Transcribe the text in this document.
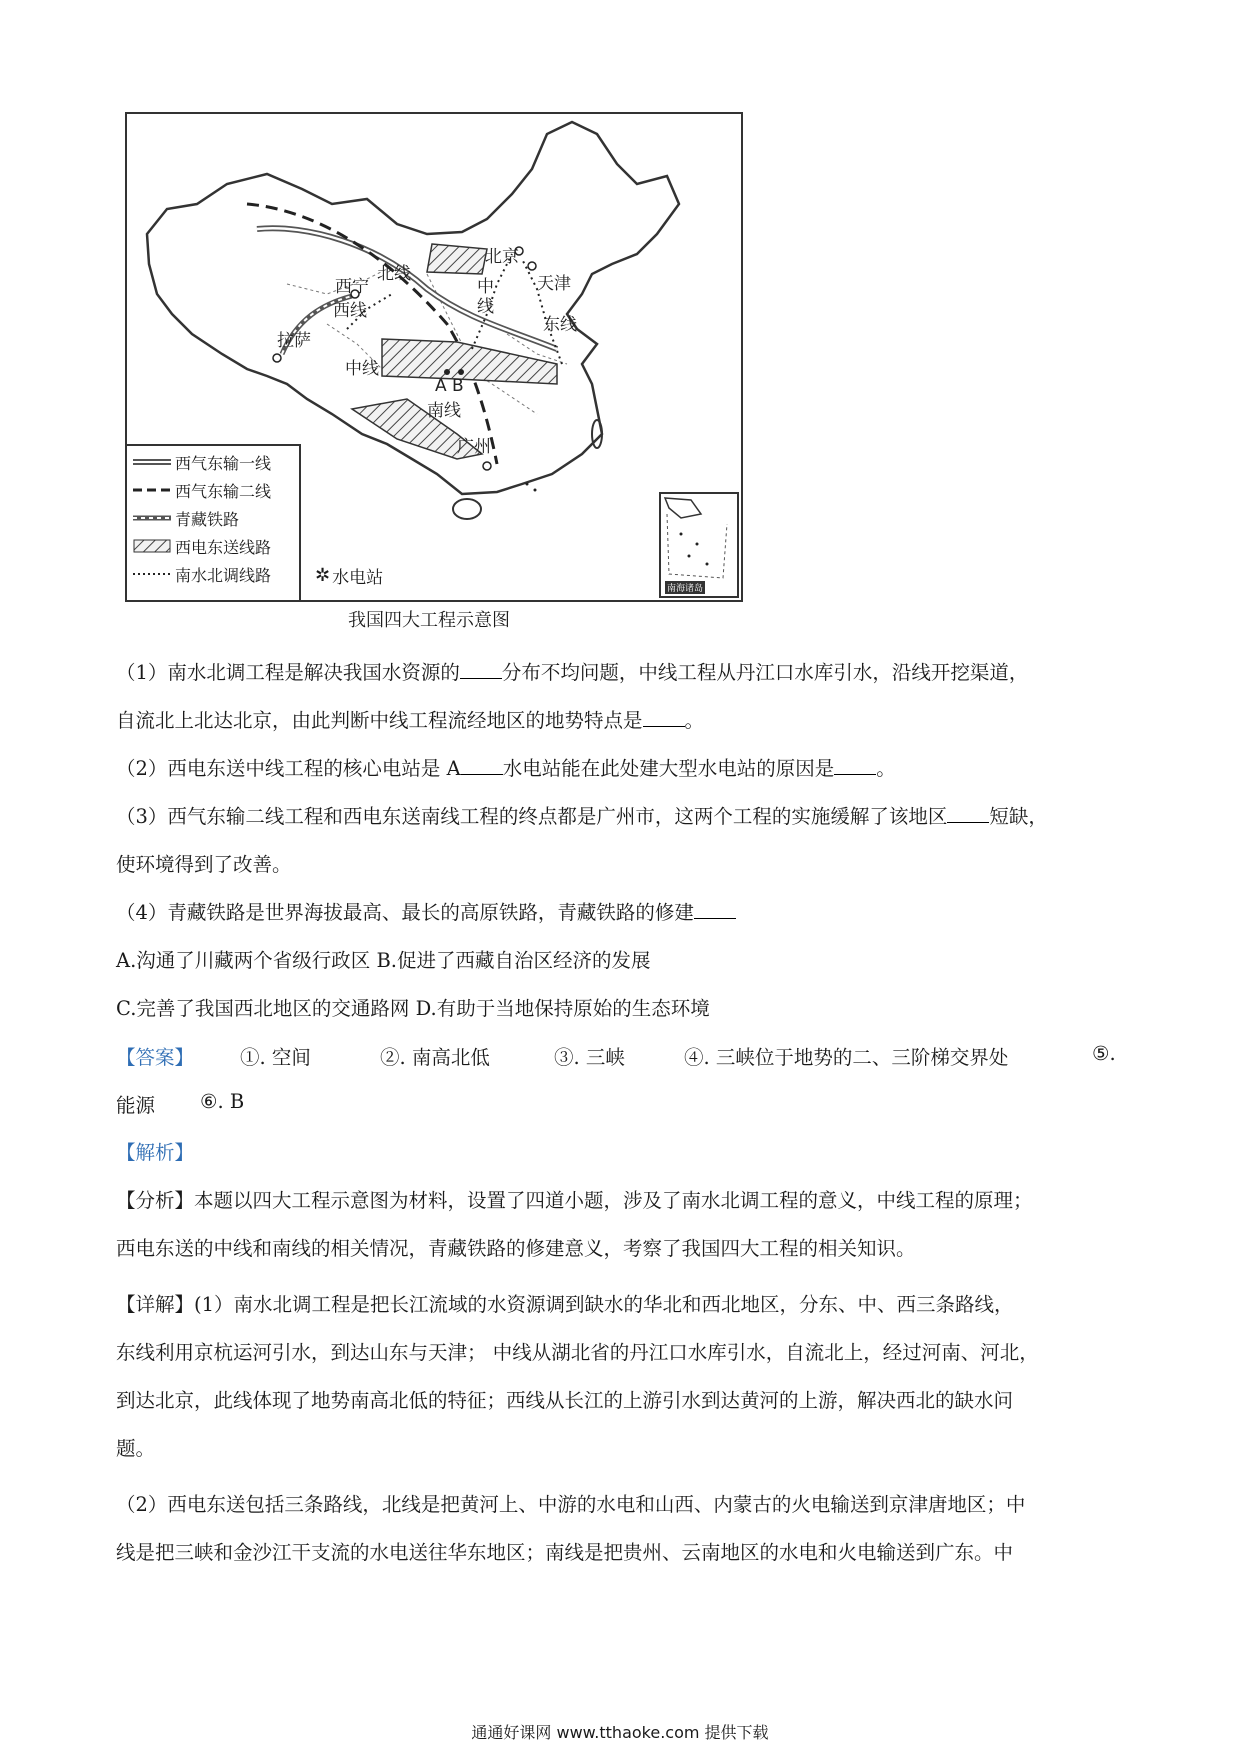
北京
天津
北线
西宁
西线
中
线
东线
拉萨
中线
A B
南线
广州
西气东输一线
西气东输二线
青藏铁路
西电东送线路
南水北调线路 ✲ 水电站
南海诸岛
我国四大工程示意图
（1）南水北调工程是解决我国水资源的 分布不均问题，中线工程从丹江口水库引水，沿线开挖渠道，
自流北上北达北京，由此判断中线工程流经地区的地势特点是 。
（2）西电东送中线工程的核心电站是 A 水电站能在此处建大型水电站的原因是 。
（3）西气东输二线工程和西电东送南线工程的终点都是广州市，这两个工程的实施缓解了该地区 短缺，
使环境得到了改善。
（4）青藏铁路是世界海拔最高、最长的高原铁路，青藏铁路的修建
A.沟通了川藏两个省级行政区 B.促进了西藏自治区经济的发展
C.完善了我国西北地区的交通路网 D.有助于当地保持原始的生态环境
【答案】 ①. 空间	②. 南高北低	③. 三峡	④. 三峡位于地势的二、三阶梯交界处	⑤.
能源 ⑥. B
【解析】
【分析】本题以四大工程示意图为材料，设置了四道小题，涉及了南水北调工程的意义，中线工程的原理；
西电东送的中线和南线的相关情况，青藏铁路的修建意义，考察了我国四大工程的相关知识。
【详解】(1）南水北调工程是把长江流域的水资源调到缺水的华北和西北地区，分东、中、西三条路线，
东线利用京杭运河引水，到达山东与天津； 中线从湖北省的丹江口水库引水，自流北上，经过河南、河北，
到达北京，此线体现了地势南高北低的特征；西线从长江的上游引水到达黄河的上游，解决西北的缺水问
题。
（2）西电东送包括三条路线，北线是把黄河上、中游的水电和山西、内蒙古的火电输送到京津唐地区；中
线是把三峡和金沙江干支流的水电送往华东地区；南线是把贵州、云南地区的水电和火电输送到广东。中
通通好课网 www.tthaoke.com 提供下载
